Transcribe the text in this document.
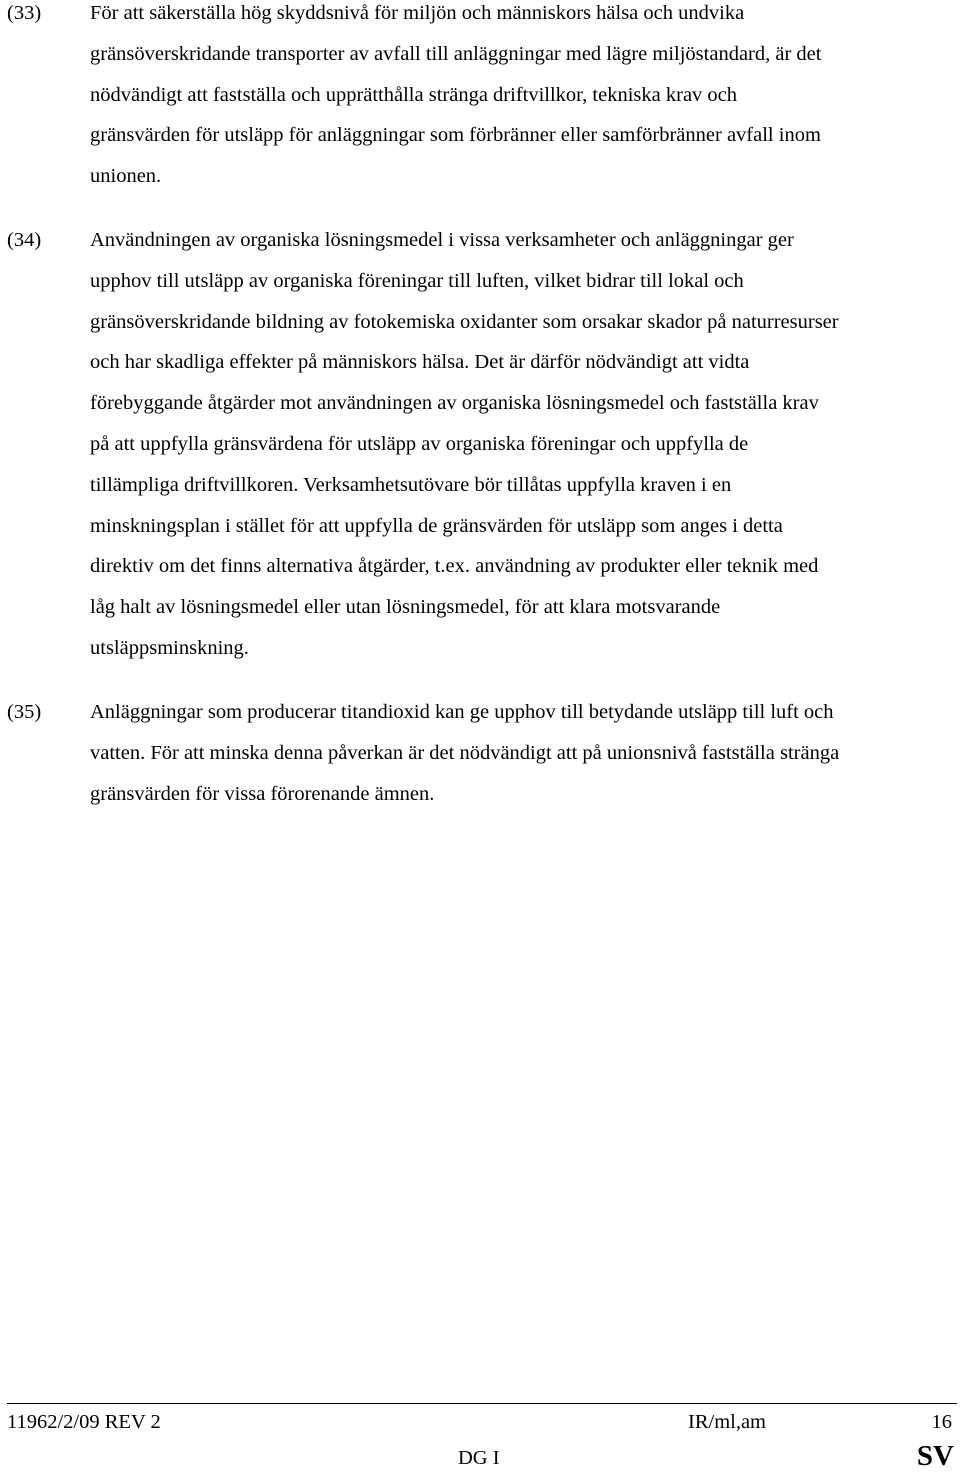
(33) För att säkerställa hög skyddsnivå för miljön och människors hälsa och undvika
gränsöverskridande transporter av avfall till anläggningar med lägre miljöstandard, är det
nödvändigt att fastställa och upprätthålla stränga driftvillkor, tekniska krav och
gränsvärden för utsläpp för anläggningar som förbränner eller samförbränner avfall inom
unionen.
(34) Användningen av organiska lösningsmedel i vissa verksamheter och anläggningar ger
upphov till utsläpp av organiska föreningar till luften, vilket bidrar till lokal och
gränsöverskridande bildning av fotokemiska oxidanter som orsakar skador på naturresurser
och har skadliga effekter på människors hälsa. Det är därför nödvändigt att vidta
förebyggande åtgärder mot användningen av organiska lösningsmedel och fastställa krav
på att uppfylla gränsvärdena för utsläpp av organiska föreningar och uppfylla de
tillämpliga driftvillkoren. Verksamhetsutövare bör tillåtas uppfylla kraven i en
minskningsplan i stället för att uppfylla de gränsvärden för utsläpp som anges i detta
direktiv om det finns alternativa åtgärder, t.ex. användning av produkter eller teknik med
låg halt av lösningsmedel eller utan lösningsmedel, för att klara motsvarande
utsläppsminskning.
(35) Anläggningar som producerar titandioxid kan ge upphov till betydande utsläpp till luft och
vatten. För att minska denna påverkan är det nödvändigt att på unionsnivå fastställa stränga
gränsvärden för vissa förorenande ämnen.
11962/2/09 REV 2	IR/ml,am	16
DG I	SV
